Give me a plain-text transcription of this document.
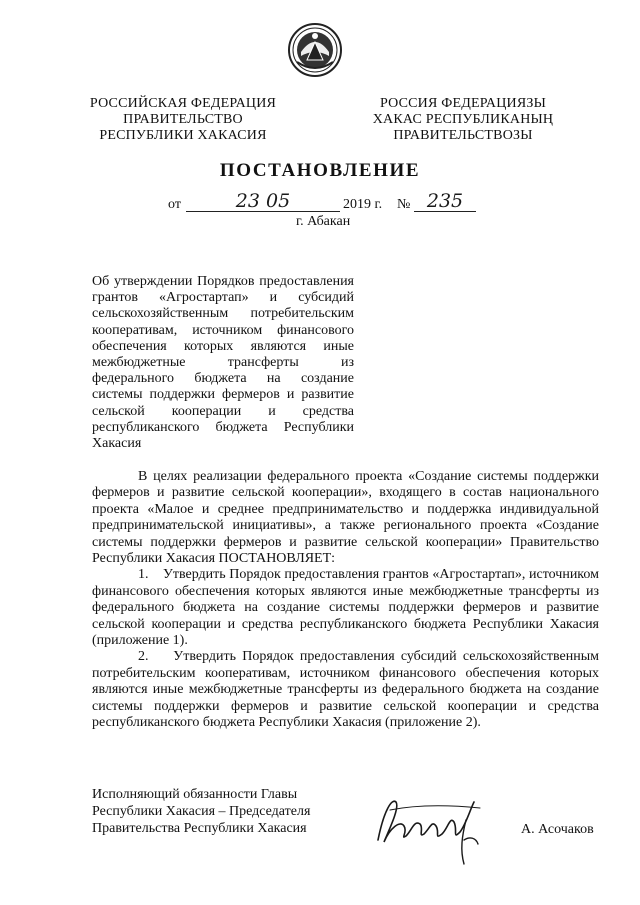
РОССИЙСКАЯ ФЕДЕРАЦИЯ
ПРАВИТЕЛЬСТВО
РЕСПУБЛИКИ ХАКАСИЯ
РОССИЯ ФЕДЕРАЦИЯЗЫ
ХАКАС РЕСПУБЛИКАНЫҢ
ПРАВИТЕЛЬСТВОЗЫ
ПОСТАНОВЛЕНИЕ
от	23 05	2019 г. № 235
г. Абакан

Об утверждении Порядков предоставления грантов «Агростартап» и субсидий сельскохозяйственным потребительским кооперативам, источником финансового обеспечения которых являются иные межбюджетные трансферты из федерального бюджета на создание системы поддержки фермеров и развитие сельской кооперации и средства республиканского бюджета Республики Хакасия

В целях реализации федерального проекта «Создание системы поддержки фермеров и развитие сельской кооперации», входящего в состав национального проекта «Малое и среднее предпринимательство и поддержка индивидуальной предпринимательской инициативы», а также регионального проекта «Создание системы поддержки фермеров и развитие сельской кооперации» Правительство Республики Хакасия ПОСТАНОВЛЯЕТ:

1.    Утвердить Порядок предоставления грантов «Агростартап», источником финансового обеспечения которых являются иные межбюджетные трансферты из федерального бюджета на создание системы поддержки фермеров и развитие сельской кооперации и средства республиканского бюджета Республики Хакасия (приложение 1).

2.    Утвердить Порядок предоставления субсидий сельскохозяйственным потребительским кооперативам, источником финансового обеспечения которых являются иные межбюджетные трансферты из федерального бюджета на создание системы поддержки фермеров и развитие сельской кооперации и средства республиканского бюджета Республики Хакасия (приложение 2).

Исполняющий обязанности Главы
Республики Хакасия – Председателя
Правительства Республики Хакасия	А. Асочаков
